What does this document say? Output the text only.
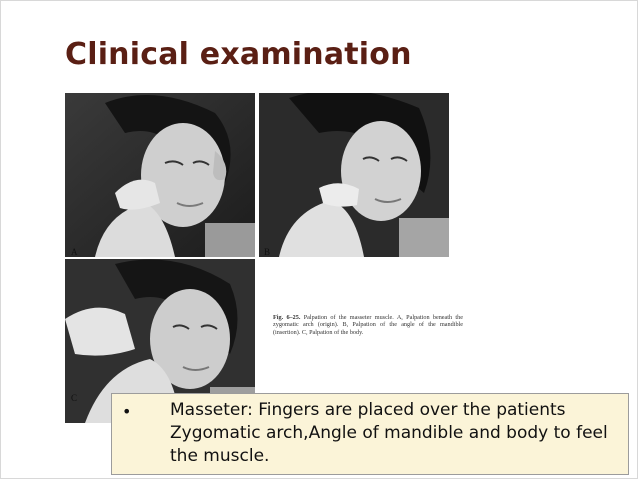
Clinical examination
A	B
C
Fig. 6–25. Palpation of the masseter muscle. A, Palpation beneath the zygomatic arch (origin). B, Palpation of the angle of the mandible (insertion). C, Palpation of the body.
• Masseter: Fingers are placed over the patients Zygomatic arch,Angle of mandible and body to feel the muscle.
